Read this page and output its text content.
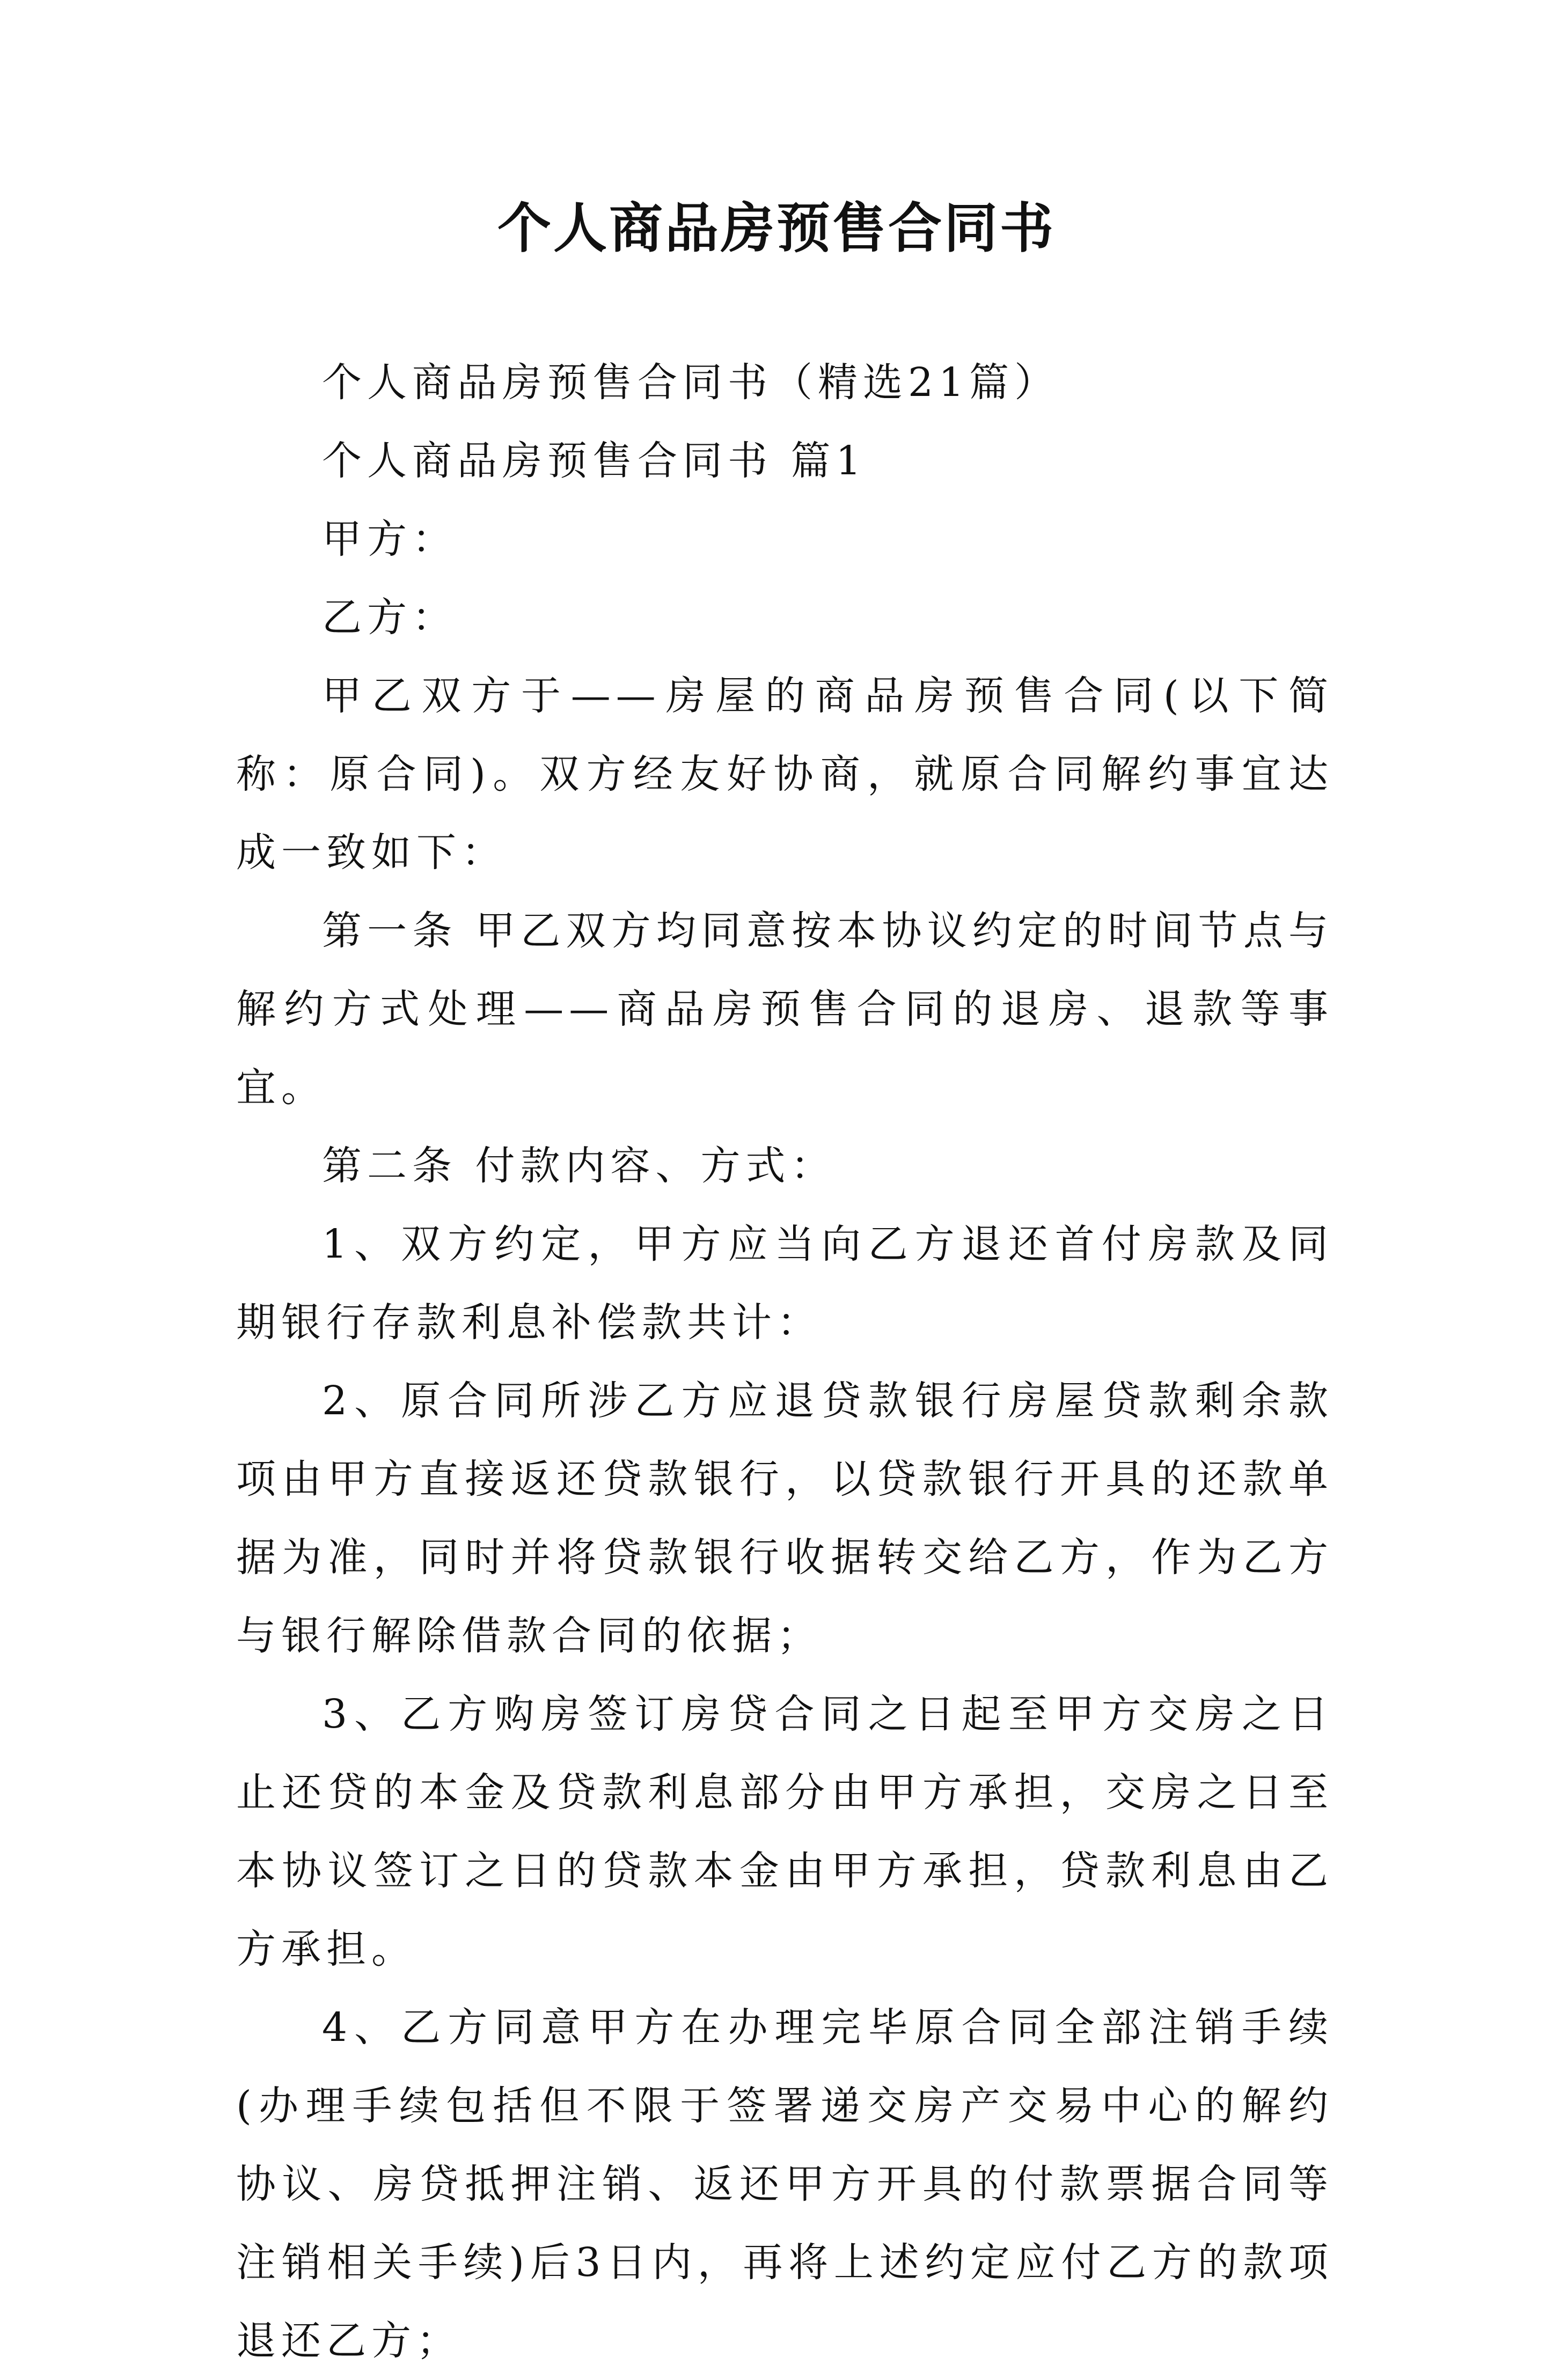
个人商品房预售合同书

个人商品房预售合同书（精选21篇）

个人商品房预售合同书 篇1

甲方：

乙方：

甲乙双方于——房屋的商品房预售合同(以下简称：原合同)。双方经友好协商，就原合同解约事宜达成一致如下：

第一条 甲乙双方均同意按本协议约定的时间节点与解约方式处理——商品房预售合同的退房、退款等事宜。

第二条 付款内容、方式：

1、双方约定，甲方应当向乙方退还首付房款及同期银行存款利息补偿款共计：

2、原合同所涉乙方应退贷款银行房屋贷款剩余款项由甲方直接返还贷款银行，以贷款银行开具的还款单据为准，同时并将贷款银行收据转交给乙方，作为乙方与银行解除借款合同的依据；

3、乙方购房签订房贷合同之日起至甲方交房之日止还贷的本金及贷款利息部分由甲方承担，交房之日至本协议签订之日的贷款本金由甲方承担，贷款利息由乙方承担。

4、乙方同意甲方在办理完毕原合同全部注销手续(办理手续包括但不限于签署递交房产交易中心的解约协议、房贷抵押注销、返还甲方开具的付款票据合同等注销相关手续)后3日内，再将上述约定应付乙方的款项退还乙方；
